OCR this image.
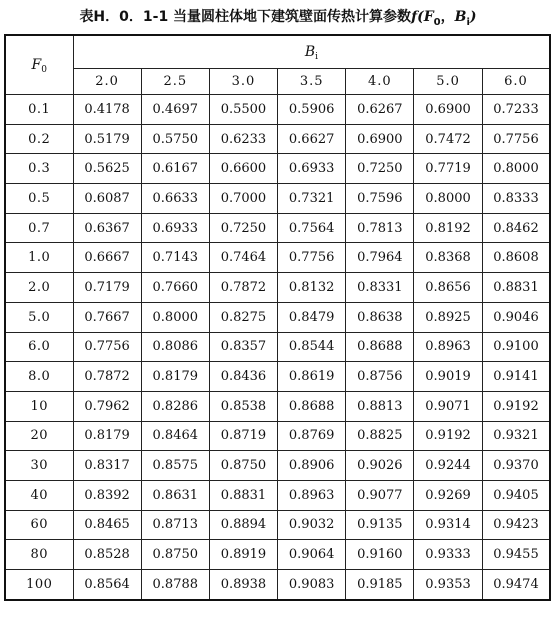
表H．0．1-1 当量圆柱体地下建筑壁面传热计算参数$f(F_0$，$B_i$)
$F_0$	$B_i$
	2.0	2.5	3.0	3.5	4.0	5.0	6.0
0.1	0.4178	0.4697	0.5500	0.5906	0.6267	0.6900	0.7233
0.2	0.5179	0.5750	0.6233	0.6627	0.6900	0.7472	0.7756
0.3	0.5625	0.6167	0.6600	0.6933	0.7250	0.7719	0.8000
0.5	0.6087	0.6633	0.7000	0.7321	0.7596	0.8000	0.8333
0.7	0.6367	0.6933	0.7250	0.7564	0.7813	0.8192	0.8462
1.0	0.6667	0.7143	0.7464	0.7756	0.7964	0.8368	0.8608
2.0	0.7179	0.7660	0.7872	0.8132	0.8331	0.8656	0.8831
5.0	0.7667	0.8000	0.8275	0.8479	0.8638	0.8925	0.9046
6.0	0.7756	0.8086	0.8357	0.8544	0.8688	0.8963	0.9100
8.0	0.7872	0.8179	0.8436	0.8619	0.8756	0.9019	0.9141
10	0.7962	0.8286	0.8538	0.8688	0.8813	0.9071	0.9192
20	0.8179	0.8464	0.8719	0.8769	0.8825	0.9192	0.9321
30	0.8317	0.8575	0.8750	0.8906	0.9026	0.9244	0.9370
40	0.8392	0.8631	0.8831	0.8963	0.9077	0.9269	0.9405
60	0.8465	0.8713	0.8894	0.9032	0.9135	0.9314	0.9423
80	0.8528	0.8750	0.8919	0.9064	0.9160	0.9333	0.9455
100	0.8564	0.8788	0.8938	0.9083	0.9185	0.9353	0.9474
